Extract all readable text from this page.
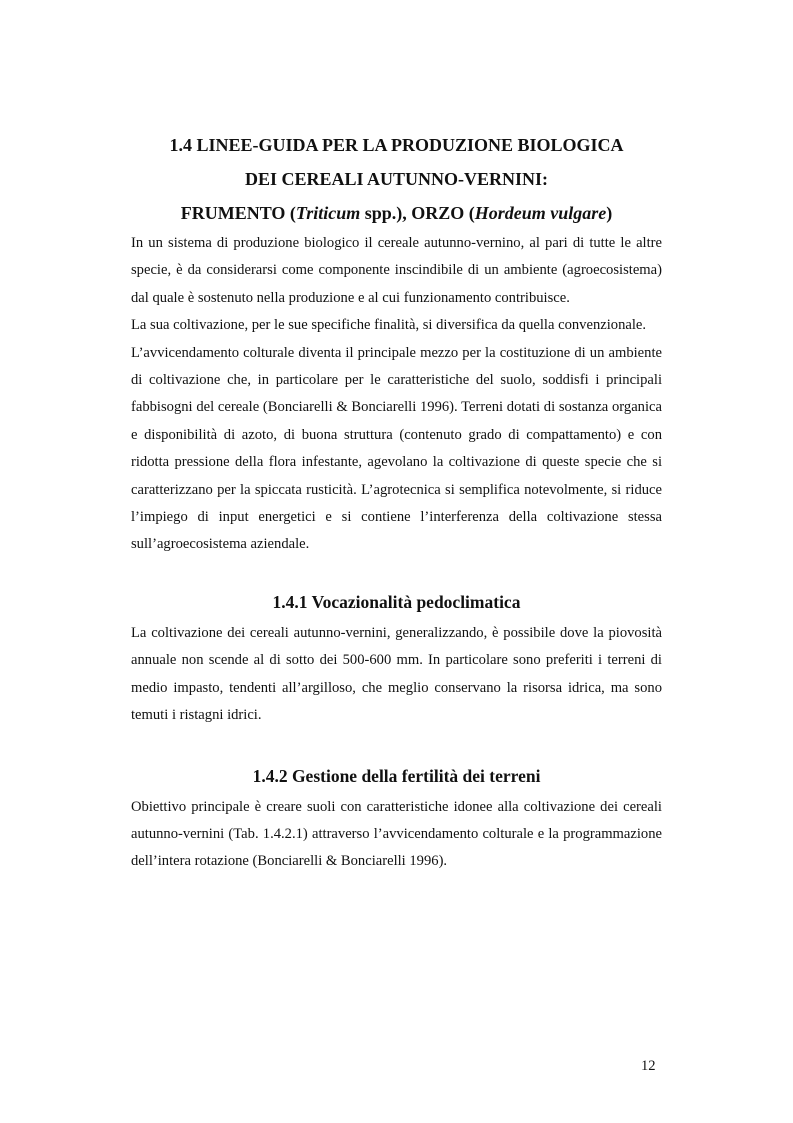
1.4 LINEE-GUIDA PER LA PRODUZIONE BIOLOGICA
DEI CEREALI AUTUNNO-VERNINI:
FRUMENTO (Triticum spp.), ORZO (Hordeum vulgare)

In un sistema di produzione biologico il cereale autunno-vernino, al pari di tutte le altre specie, è da considerarsi come componente inscindibile di un ambiente (agroecosistema) dal quale è sostenuto nella produzione e al cui funzionamento contribuisce.

La sua coltivazione, per le sue specifiche finalità, si diversifica da quella convenzionale.

L’avvicendamento colturale diventa il principale mezzo per la costituzione di un ambiente di coltivazione che, in particolare per le caratteristiche del suolo, soddisfi i principali fabbisogni del cereale (Bonciarelli & Bonciarelli 1996). Terreni dotati di sostanza organica e disponibilità di azoto, di buona struttura (contenuto grado di compattamento) e con ridotta pressione della flora infestante, agevolano la coltivazione di queste specie che si caratterizzano per la spiccata rusticità. L’agrotecnica si semplifica notevolmente, si riduce l’impiego di input energetici e si contiene l’interferenza della coltivazione stessa sull’agroecosistema aziendale.

1.4.1 Vocazionalità pedoclimatica

La coltivazione dei cereali autunno-vernini, generalizzando, è possibile dove la piovosità annuale non scende al di sotto dei 500-600 mm. In particolare sono preferiti i terreni di medio impasto, tendenti all’argilloso, che meglio conservano la risorsa idrica, ma sono temuti i ristagni idrici.

1.4.2 Gestione della fertilità dei terreni

Obiettivo principale è creare suoli con caratteristiche idonee alla coltivazione dei cereali autunno-vernini (Tab. 1.4.2.1) attraverso l’avvicendamento colturale e la programmazione dell’intera rotazione (Bonciarelli & Bonciarelli 1996).

12
